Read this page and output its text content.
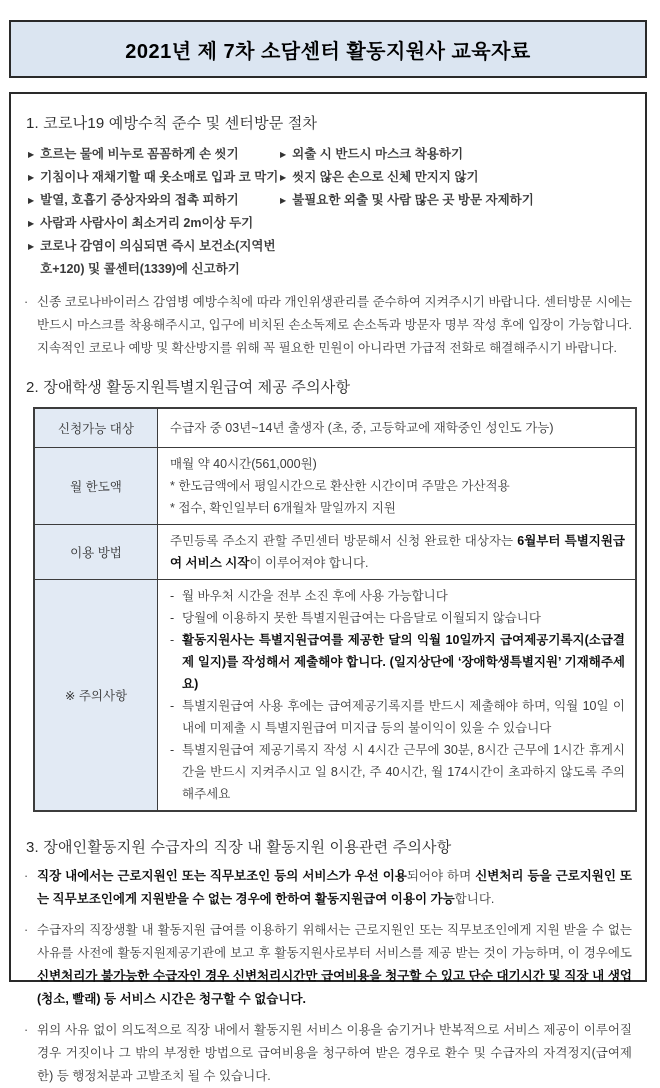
2021년 제 7차 소담센터 활동지원사 교육자료
1. 코로나19 예방수칙 준수 및 센터방문 절차
▶ 흐르는 물에 비누로 꼼꼼하게 손 씻기	▶ 외출 시 반드시 마스크 착용하기
▶ 기침이나 재채기할 때 옷소매로 입과 코 막기 ▶ 씻지 않은 손으로 신체 만지지 않기
▶ 발열, 호흡기 증상자와의 접촉 피하기	▶ 불필요한 외출 및 사람 많은 곳 방문 자제하기
▶ 사람과 사람사이 최소거리 2m이상 두기
▶ 코로나 감염이 의심되면 즉시 보건소(지역번호+120) 및 콜센터(1339)에 신고하기
· 신종 코로나바이러스 감염병 예방수칙에 따라 개인위생관리를 준수하여 지켜주시기 바랍니다. 센터방문 시에는 반드시 마스크를 착용해주시고, 입구에 비치된 손소독제로 손소독과 방문자 명부 작성 후에 입장이 가능합니다. 지속적인 코로나 예방 및 확산방지를 위해 꼭 필요한 민원이 아니라면 가급적 전화로 해결해주시기 바랍니다.
2. 장애학생 활동지원특별지원급여 제공 주의사항
신청가능 대상	수급자 중 03년~14년 출생자 (초, 중, 고등학교에 재학중인 성인도 가능)

월 한도액	매월 약 40시간(561,000원)
* 한도금액에서 평일시간으로 환산한 시간이며 주말은 가산적용
* 접수, 확인일부터 6개월차 말일까지 지원

이용 방법	주민등록 주소지 관할 주민센터 방문해서 신청 완료한 대상자는 6월부터 특별지원급여 서비스 시작이 이루어져야 합니다.

※ 주의사항	
- 월 바우처 시간을 전부 소진 후에 사용 가능합니다
- 당월에 이용하지 못한 특별지원급여는 다음달로 이월되지 않습니다
- 활동지원사는 특별지원급여를 제공한 달의 익월 10일까지 급여제공기록지(소급결제 일지)를 작성해서 제출해야 합니다. (일지상단에 ‘장애학생특별지원’ 기재해주세요)
- 특별지원급여 사용 후에는 급여제공기록지를 반드시 제출해야 하며, 익월 10일 이내에 미제출 시 특별지원급여 미지급 등의 불이익이 있을 수 있습니다
- 특별지원급여 제공기록지 작성 시 4시간 근무에 30분, 8시간 근무에 1시간 휴게시간을 반드시 지켜주시고 일 8시간, 주 40시간, 월 174시간이 초과하지 않도록 주의해주세요
3. 장애인활동지원 수급자의 직장 내 활동지원 이용관련 주의사항
· 직장 내에서는 근로지원인 또는 직무보조인 등의 서비스가 우선 이용되어야 하며 신변처리 등을 근로지원인 또는 직무보조인에게 지원받을 수 없는 경우에 한하여 활동지원급여 이용이 가능합니다.
· 수급자의 직장생활 내 활동지원 급여를 이용하기 위해서는 근로지원인 또는 직무보조인에게 지원 받을 수 없는 사유를 사전에 활동지원제공기관에 보고 후 활동지원사로부터 서비스를 제공 받는 것이 가능하며, 이 경우에도 신변처리가 불가능한 수급자인 경우 신변처리시간만 급여비용을 청구할 수 있고 단순 대기시간 및 직장 내 생업(청소, 빨래) 등 서비스 시간은 청구할 수 없습니다.
· 위의 사유 없이 의도적으로 직장 내에서 활동지원 서비스 이용을 숨기거나 반복적으로 서비스 제공이 이루어질 경우 거짓이나 그 밖의 부정한 방법으로 급여비용을 청구하여 받은 경우로 환수 및 수급자의 자격정지(급여제한) 등 행정처분과 고발조치 될 수 있습니다.
